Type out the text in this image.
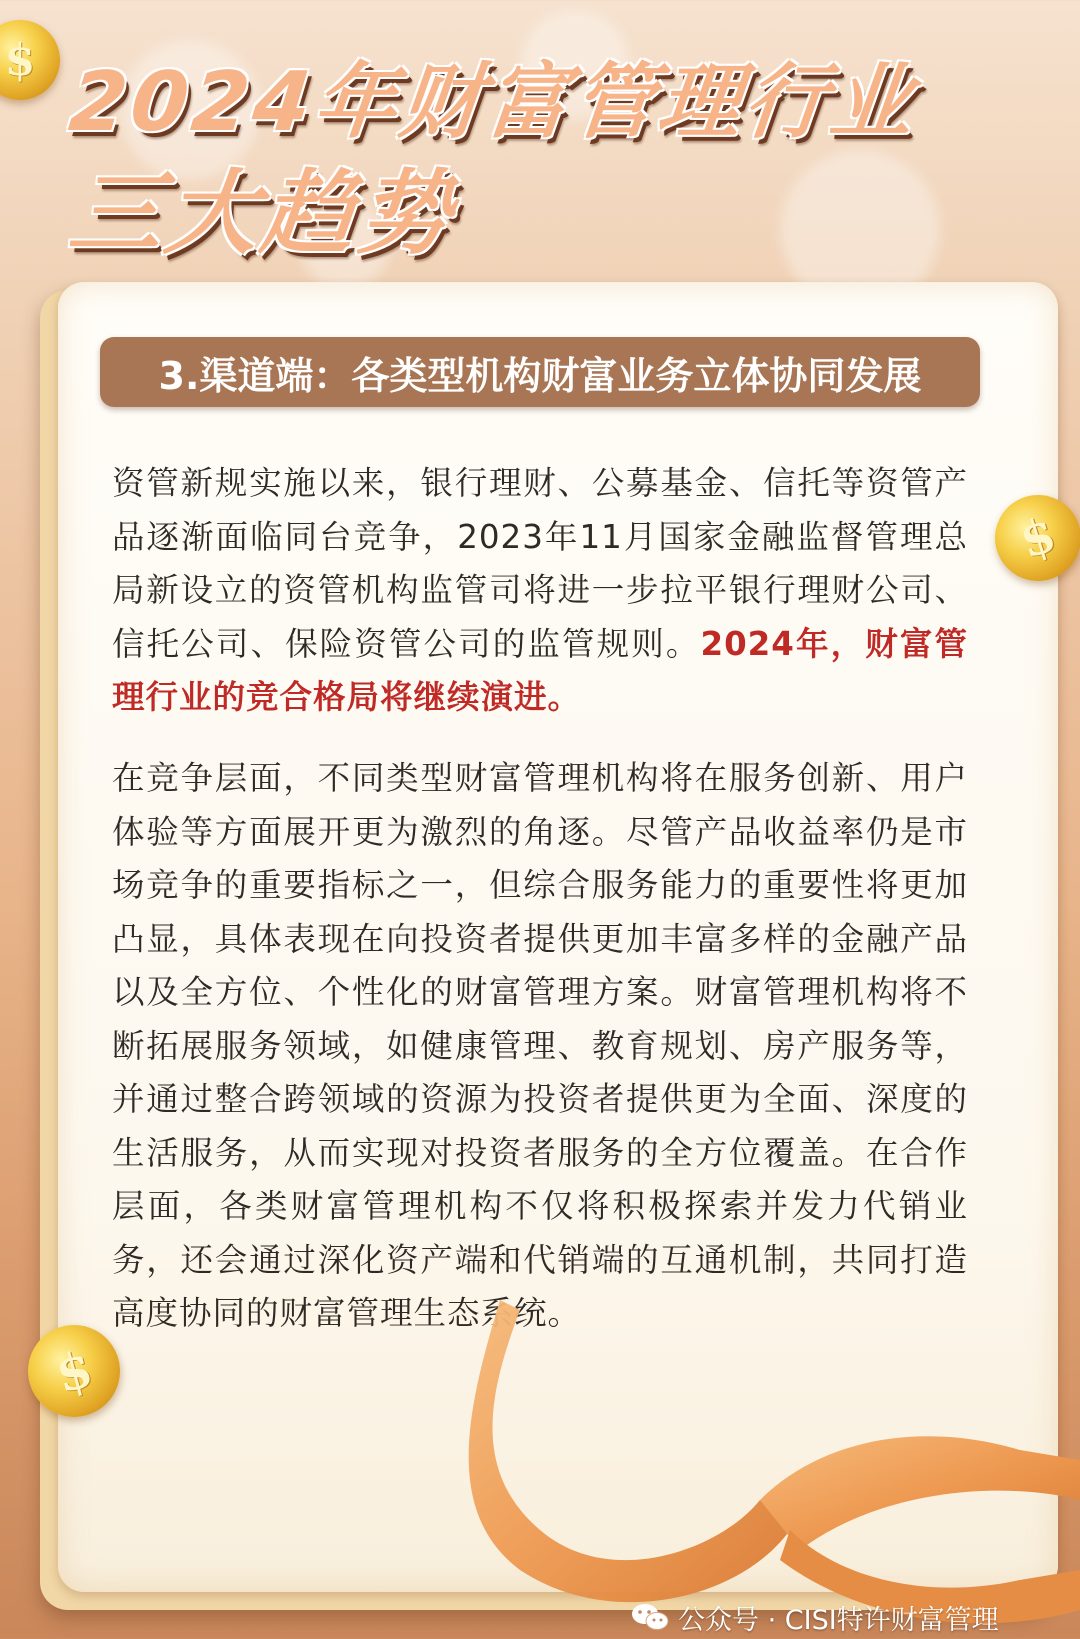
$ 2024年财富管理行业
三大趋势
3.渠道端：各类型机构财富业务立体协同发展

资管新规实施以来，银行理财、公募基金、信托等资管产品逐渐面临同台竞争，2023年11月国家金融监督管理总局新设立的资管机构监管司将进一步拉平银行理财公司、信托公司、保险资管公司的监管规则。2024年，财富管理行业的竞合格局将继续演进。

在竞争层面，不同类型财富管理机构将在服务创新、用户体验等方面展开更为激烈的角逐。尽管产品收益率仍是市场竞争的重要指标之一，但综合服务能力的重要性将更加凸显，具体表现在向投资者提供更加丰富多样的金融产品以及全方位、个性化的财富管理方案。财富管理机构将不断拓展服务领域，如健康管理、教育规划、房产服务等，并通过整合跨领域的资源为投资者提供更为全面、深度的生活服务，从而实现对投资者服务的全方位覆盖。在合作层面，各类财富管理机构不仅将积极探索并发力代销业务，还会通过深化资产端和代销端的互通机制，共同打造高度协同的财富管理生态系统。

$
$
公众号 · CISI特许财富管理
